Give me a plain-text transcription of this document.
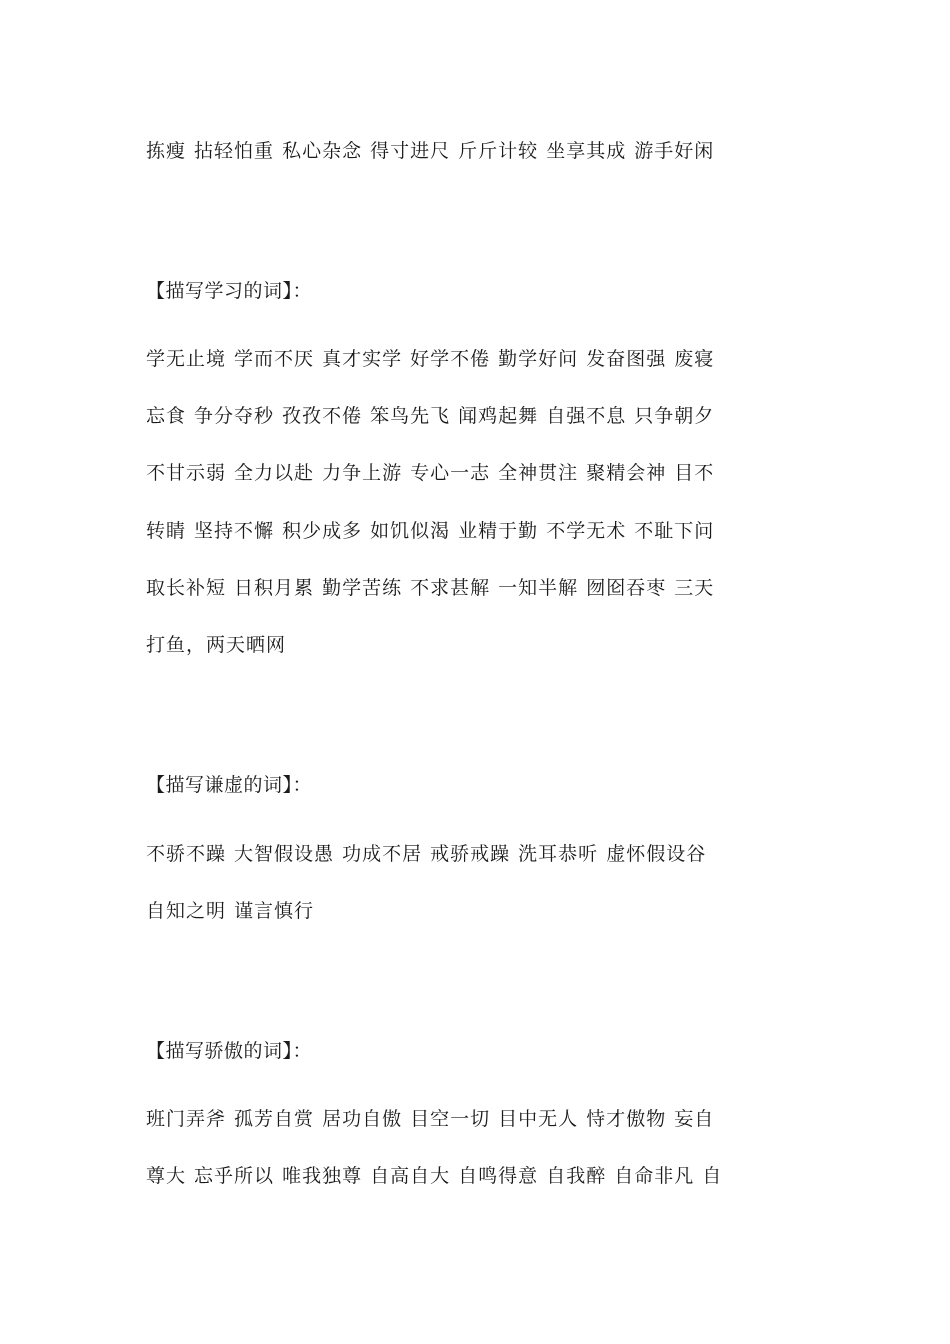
拣瘦 拈轻怕重 私心杂念 得寸进尺 斤斤计较 坐享其成 游手好闲
【描写学习的词】：
学无止境 学而不厌 真才实学 好学不倦 勤学好问 发奋图强 废寝
忘食 争分夺秒 孜孜不倦 笨鸟先飞 闻鸡起舞 自强不息 只争朝夕
不甘示弱 全力以赴 力争上游 专心一志 全神贯注 聚精会神 目不
转睛 坚持不懈 积少成多 如饥似渴 业精于勤 不学无术 不耻下问
取长补短 日积月累 勤学苦练 不求甚解 一知半解 囫囵吞枣 三天
打鱼，两天晒网
【描写谦虚的词】：
不骄不躁 大智假设愚 功成不居 戒骄戒躁 洗耳恭听 虚怀假设谷
自知之明 谨言慎行
【描写骄傲的词】：
班门弄斧 孤芳自赏 居功自傲 目空一切 目中无人 恃才傲物 妄自
尊大 忘乎所以 唯我独尊 自高自大 自鸣得意 自我醉 自命非凡 自
